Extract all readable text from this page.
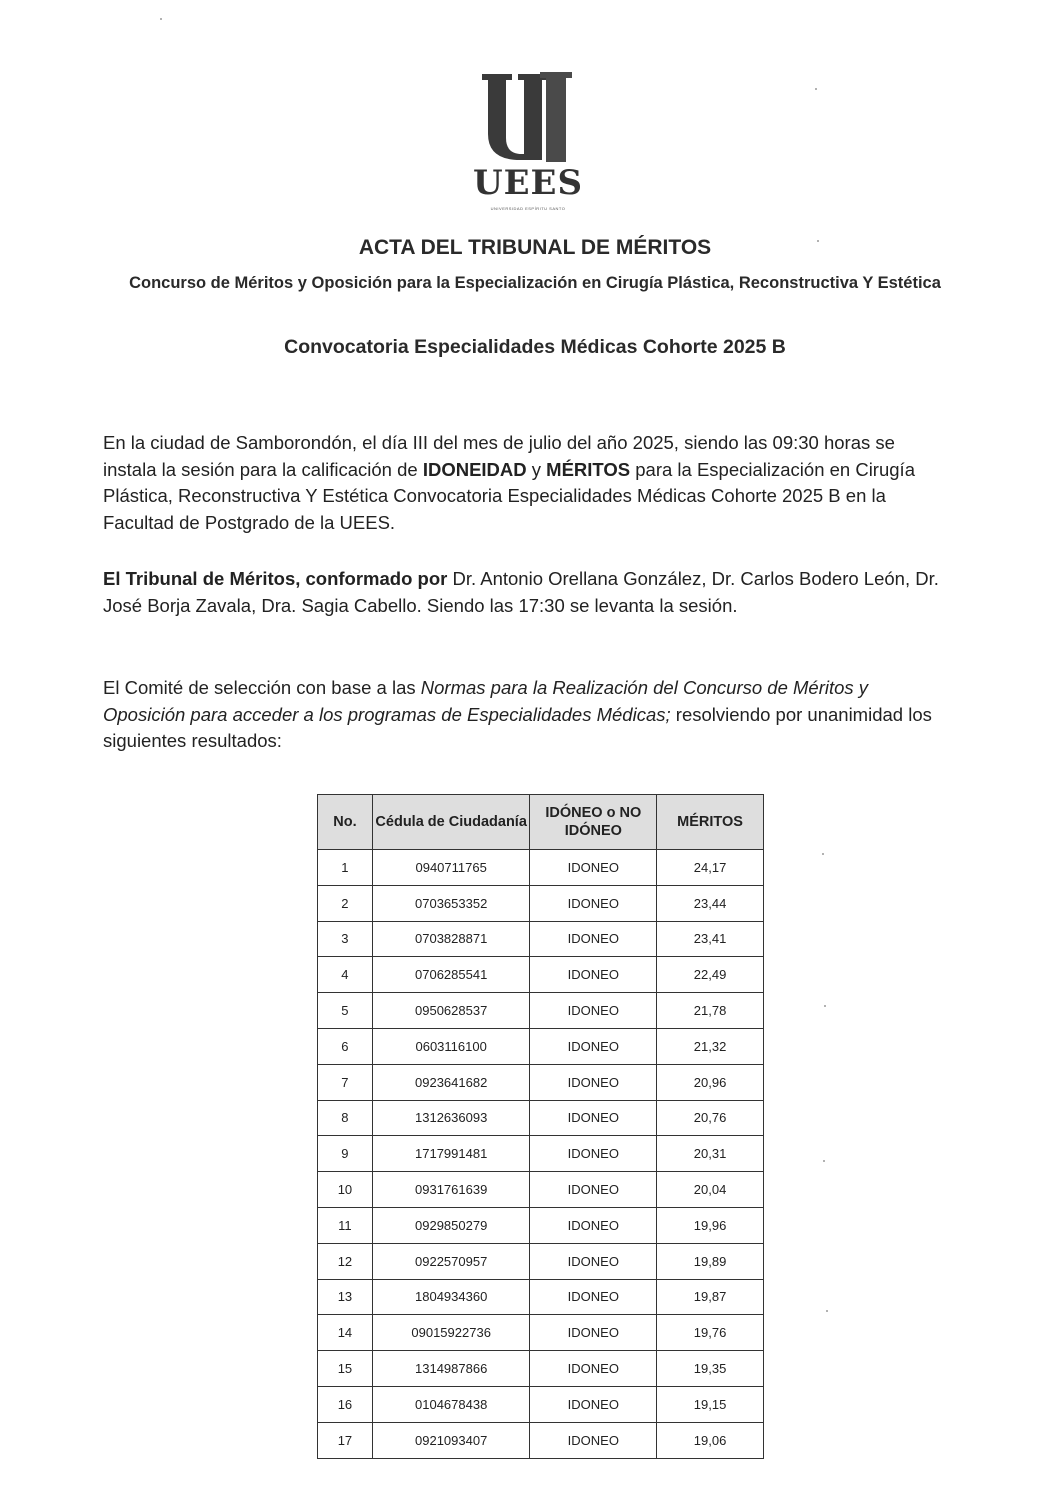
UEES
UNIVERSIDAD ESPÍRITU SANTO
ACTA DEL TRIBUNAL DE MÉRITOS
Concurso de Méritos y Oposición para la Especialización en Cirugía Plástica, Reconstructiva Y Estética
Convocatoria Especialidades Médicas Cohorte 2025 B
En la ciudad de Samborondón, el día III del mes de julio del año 2025, siendo las 09:30 horas se instala la sesión para la calificación de IDONEIDAD y MÉRITOS para la Especialización en Cirugía Plástica, Reconstructiva Y Estética Convocatoria Especialidades Médicas Cohorte 2025 B en la Facultad de Postgrado de la UEES.
El Tribunal de Méritos, conformado por Dr. Antonio Orellana González, Dr. Carlos Bodero León, Dr. José Borja Zavala, Dra. Sagia Cabello. Siendo las 17:30 se levanta la sesión.
El Comité de selección con base a las Normas para la Realización del Concurso de Méritos y Oposición para acceder a los programas de Especialidades Médicas; resolviendo por unanimidad los siguientes resultados:
No.	Cédula de Ciudadanía	IDÓNEO o NO IDÓNEO	MÉRITOS
1	0940711765	IDONEO	24,17
2	0703653352	IDONEO	23,44
3	0703828871	IDONEO	23,41
4	0706285541	IDONEO	22,49
5	0950628537	IDONEO	21,78
6	0603116100	IDONEO	21,32
7	0923641682	IDONEO	20,96
8	1312636093	IDONEO	20,76
9	1717991481	IDONEO	20,31
10	0931761639	IDONEO	20,04
11	0929850279	IDONEO	19,96
12	0922570957	IDONEO	19,89
13	1804934360	IDONEO	19,87
14	09015922736	IDONEO	19,76
15	1314987866	IDONEO	19,35
16	0104678438	IDONEO	19,15
17	0921093407	IDONEO	19,06
